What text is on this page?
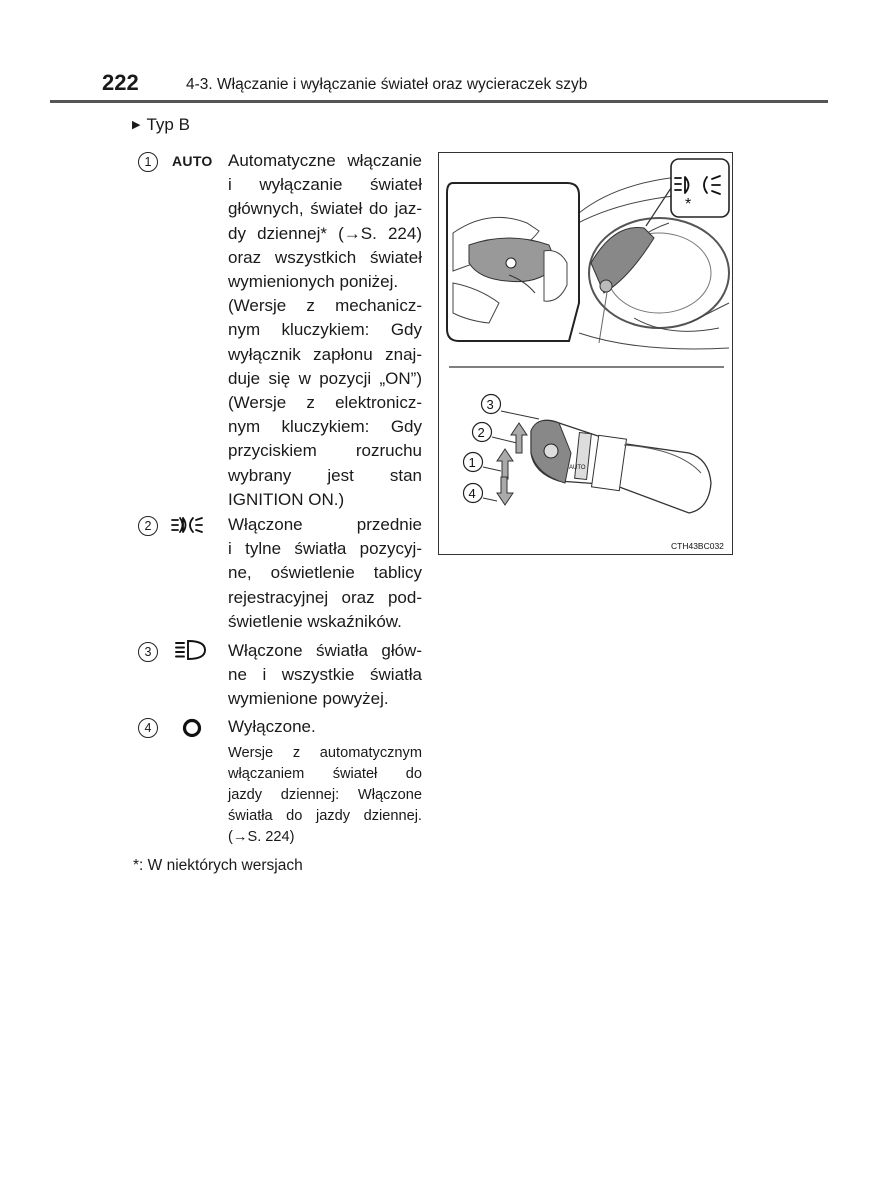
222	4-3. Włączanie i wyłączanie świateł oraz wycieraczek szyb
▶ Typ B
1	AUTO Automatyczne włączanie
i wyłączanie świateł
głównych, świateł do jaz-
dy dziennej* (→S. 224)
oraz wszystkich świateł
wymienionych poniżej.
(Wersje z mechanicz-
nym kluczykiem: Gdy
wyłącznik zapłonu znaj-
duje się w pozycji „ON”)
(Wersje z elektronicz-
nym kluczykiem: Gdy
przyciskiem rozruchu
wybrany jest stan
IGNITION ON.)
2	Włączone przednie
i tylne światła pozycyj-
ne, oświetlenie tablicy
rejestracyjnej oraz pod-
świetlenie wskaźników.
3	Włączone światła głów-
ne i wszystkie światła
wymienione powyżej.
4	Wyłączone.
Wersje z automatycznym
włączaniem świateł do
jazdy dziennej: Włączone
światła do jazdy dziennej.
(→S. 224)
*: W niektórych wersjach
*
3
2
1
4
AUTO
CTH43BC032
